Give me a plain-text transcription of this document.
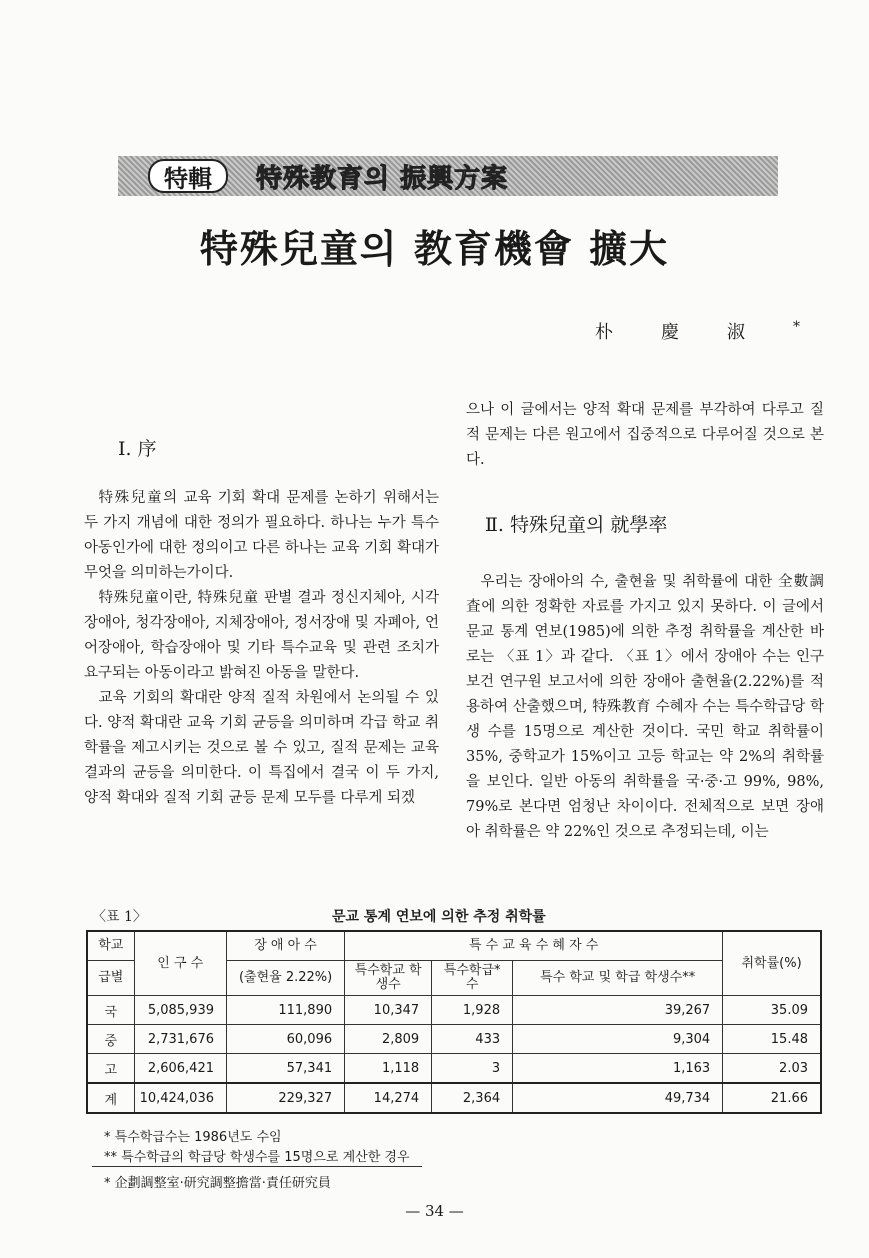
特輯	特殊教育의 振興方案
特殊兒童의 教育機會 擴大
朴慶淑*
Ⅰ. 序

特殊兒童의 교육 기회 확대 문제를 논하기 위해서는 두 가지 개념에 대한 정의가 필요하다. 하나는 누가 특수 아동인가에 대한 정의이고 다른 하나는 교육 기회 확대가 무엇을 의미하는가이다.

特殊兒童이란, 特殊兒童 판별 결과 정신지체아, 시각장애아, 청각장애아, 지체장애아, 정서장애 및 자폐아, 언어장애아, 학습장애아 및 기타 특수교육 및 관련 조치가 요구되는 아동이라고 밝혀진 아동을 말한다.

교육 기회의 확대란 양적 질적 차원에서 논의될 수 있다. 양적 확대란 교육 기회 균등을 의미하며 각급 학교 취학률을 제고시키는 것으로 볼 수 있고, 질적 문제는 교육 결과의 균등을 의미한다. 이 특집에서 결국 이 두 가지, 양적 확대와 질적 기회 균등 문제 모두를 다루게 되겠

으나 이 글에서는 양적 확대 문제를 부각하여 다루고 질적 문제는 다른 원고에서 집중적으로 다루어질 것으로 본다.

Ⅱ. 特殊兒童의 就學率

우리는 장애아의 수, 출현율 및 취학률에 대한 全數調査에 의한 정확한 자료를 가지고 있지 못하다. 이 글에서 문교 통계 연보(1985)에 의한 추정 취학률을 계산한 바로는 〈표 1〉과 같다. 〈표 1〉에서 장애아 수는 인구 보건 연구원 보고서에 의한 장애아 출현율(2.22%)를 적용하여 산출했으며, 特殊教育 수혜자 수는 특수학급당 학생 수를 15명으로 계산한 것이다. 국민 학교 취학률이 35%, 중학교가 15%이고 고등 학교는 약 2%의 취학률을 보인다. 일반 아동의 취학률을 국·중·고 99%, 98%, 79%로 본다면 엄청난 차이이다. 전체적으로 보면 장애아 취학률은 약 22%인 것으로 추정되는데, 이는

〈표 1〉	문교 통계 연보에 의한 추정 취학률
학교	인 구 수	장 애 아 수	특 수 교 육 수 혜 자 수			취학률(%)
급별		(출현율 2.22%)	특수학교 학생수	특수학급* 수	특수 학교 및 학급 학생수**	
국	5,085,939	111,890	10,347	1,928	39,267	35.09
중	2,731,676	60,096	2,809	433	9,304	15.48
고	2,606,421	57,341	1,118	3	1,163	2.03
계	10,424,036	229,327	14,274	2,364	49,734	21.66
* 특수학급수는 1986년도 수임
** 특수학급의 학급당 학생수를 15명으로 계산한 경우
* 企劃調整室·研究調整擔當·責任研究員
— 34 —
